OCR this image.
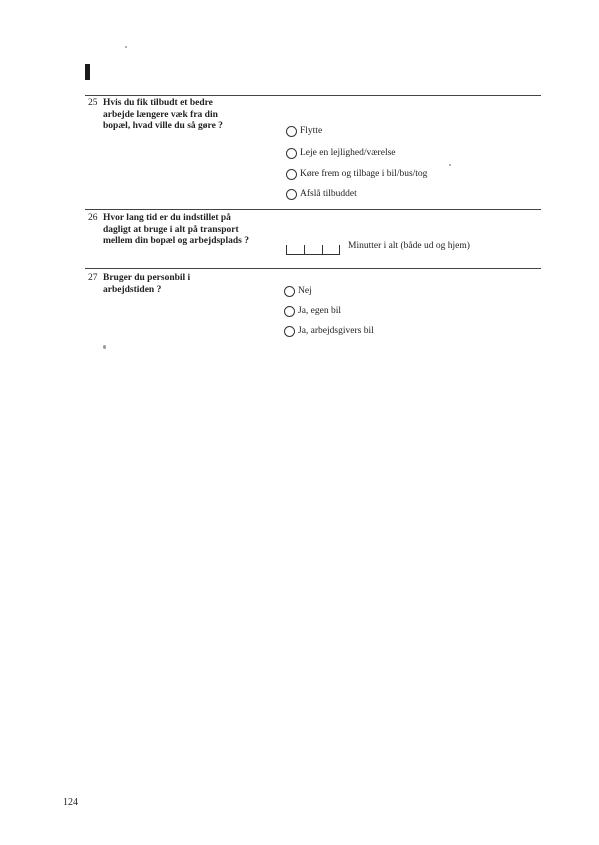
25 Hvis du fik tilbudt et bedre
arbejde længere væk fra din
bopæl, hvad ville du så gøre ?	Flytte
Leje en lejlighed/værelse
Køre frem og tilbage i bil/bus/tog
Afslå tilbuddet
26 Hvor lang tid er du indstillet på
dagligt at bruge i alt på transport
mellem din bopæl og arbejdsplads ?	Minutter i alt (både ud og hjem)
27 Bruger du personbil i
arbejdstiden ?	Nej
Ja, egen bil
Ja, arbejdsgivers bil
124
